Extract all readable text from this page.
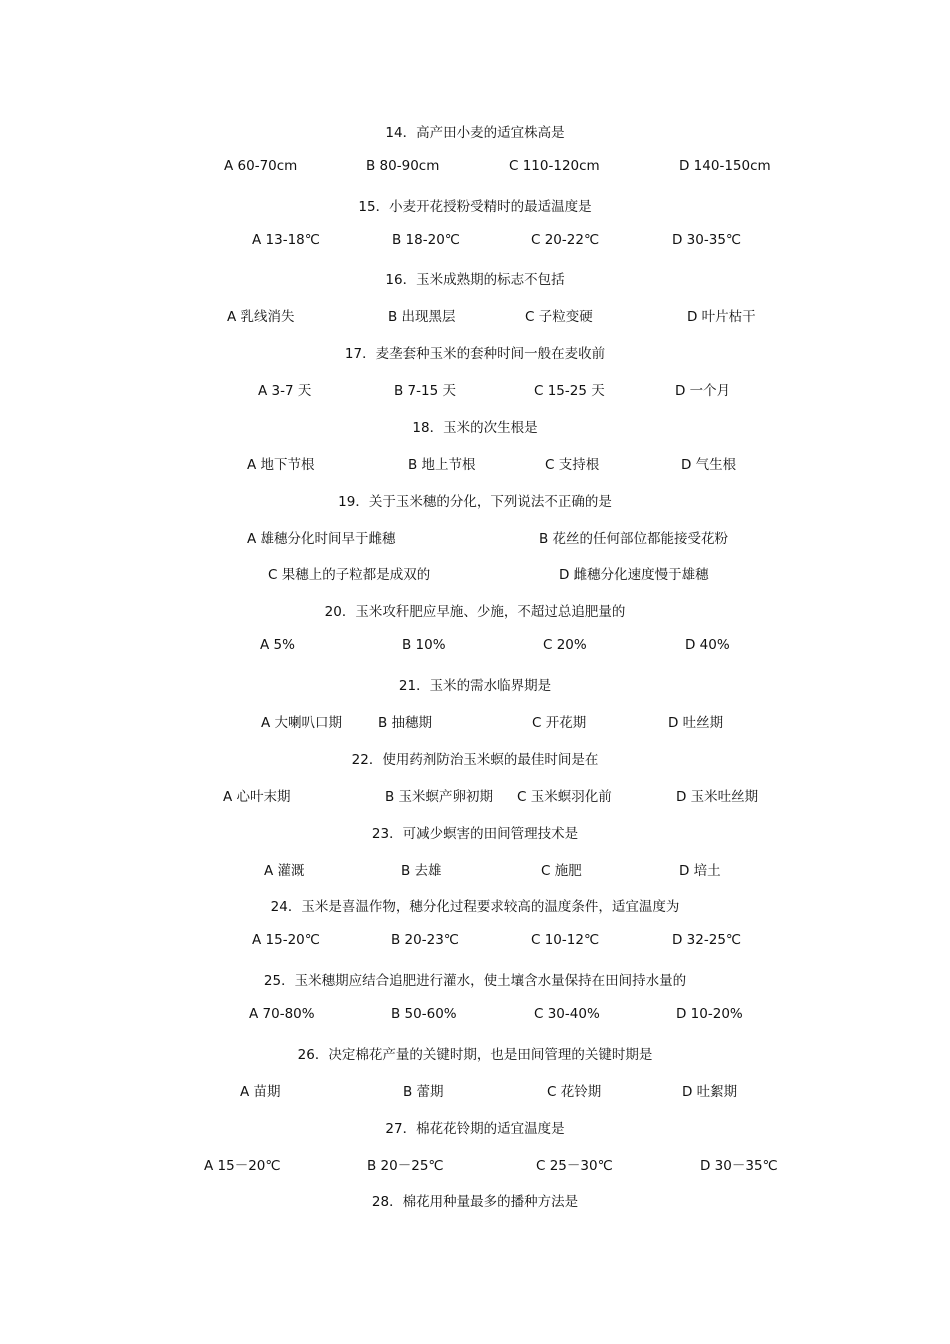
14．高产田小麦的适宜株高是
A 60-70cm	B 80-90cm	C 110-120cm	D 140-150cm
15．小麦开花授粉受精时的最适温度是
A 13-18℃	B 18-20℃	C 20-22℃	D 30-35℃
16．玉米成熟期的标志不包括
A 乳线消失	B 出现黑层	C 子粒变硬	D 叶片枯干
17．麦垄套种玉米的套种时间一般在麦收前
A 3-7 天	B 7-15 天	C 15-25 天	D 一个月
18．玉米的次生根是
A 地下节根	B 地上节根	C 支持根	D 气生根
19．关于玉米穗的分化，下列说法不正确的是
A 雄穗分化时间早于雌穗	B 花丝的任何部位都能接受花粉
C 果穗上的子粒都是成双的	D 雌穗分化速度慢于雄穗
20．玉米攻秆肥应早施、少施，不超过总追肥量的
A 5%	B 10%	C 20%	D 40%
21．玉米的需水临界期是
A 大喇叭口期	B 抽穗期	C 开花期	D 吐丝期
22．使用药剂防治玉米螟的最佳时间是在
A 心叶末期	B 玉米螟产卵初期 C 玉米螟羽化前	D 玉米吐丝期
23．可减少螟害的田间管理技术是
A 灌溉	B 去雄	C 施肥	D 培土
24．玉米是喜温作物，穗分化过程要求较高的温度条件，适宜温度为
A 15-20℃	B 20-23℃	C 10-12℃	D 32-25℃
25．玉米穗期应结合追肥进行灌水，使土壤含水量保持在田间持水量的
A 70-80%	B 50-60%	C 30-40%	D 10-20%
26．决定棉花产量的关键时期，也是田间管理的关键时期是
A 苗期	B 蕾期	C 花铃期	D 吐絮期
27．棉花花铃期的适宜温度是
A 15－20℃	B 20－25℃	C 25－30℃	D 30－35℃
28．棉花用种量最多的播种方法是
